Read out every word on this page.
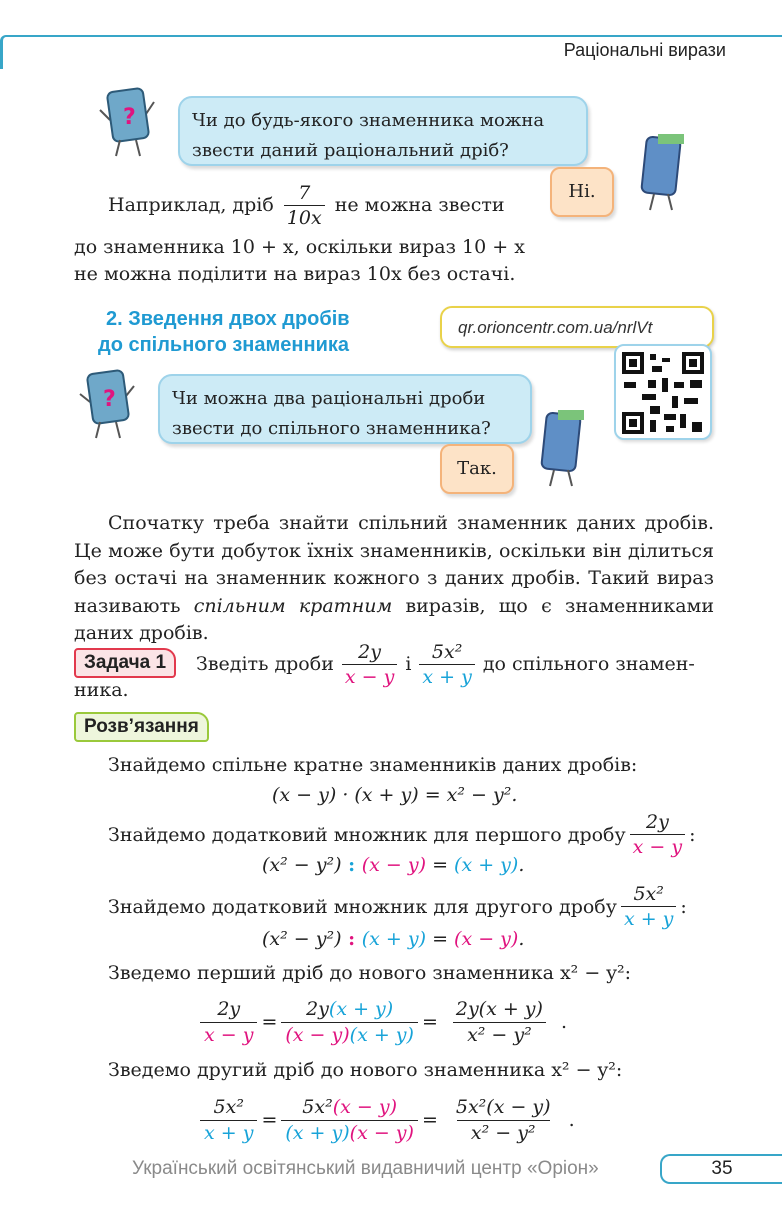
Раціональні вирази
?	Чи до будь-якого знаменника можна звести даний раціональний дріб?
Ні.
Наприклад, дріб $\frac{7}{10x}$ не можна звести
до знаменника 10 + x, оскільки вираз 10 + x
не можна поділити на вираз 10x без остачі.
2. Зведення двох дробів
до спільного знаменника
qr.orioncentr.com.ua/nrlVt
?	Чи можна два раціональні дроби звести до спільного знаменника?
Так.
Спочатку треба знайти спільний знаменник даних дробів. Це може бути добуток їхніх знаменників, оскільки він ділиться без остачі на знаменник кожного з даних дробів. Такий вираз називають спільним кратним виразів, що є знаменниками даних дробів.
Задача 1	Зведіть дроби $\frac{2y}{x - y}$ і $\frac{\text{5x²}}{x + y}$ до спільного знамен-
ника.
Розв’язання
Знайдемо спільне кратне знаменників даних дробів:
(x − y) · (x + y) = x² − y².
Знайдемо додатковий множник для першого дробу $\frac{2y}{x - y}$ :
(x² − y²) : (x − y) = (x + y).
Знайдемо додатковий множник для другого дробу $\frac{\text{5x²}}{x + y}$ :
(x² − y²) : (x + y) = (x − y).
Зведемо перший дріб до нового знаменника x² − y²:
$\frac{2y}{x - y} = \frac{2y(x + y)}{(x - y)(x + y)} = \frac{2y(x + y)}{\text{x² − y²}}$ .
Зведемо другий дріб до нового знаменника x² − y²:
$\frac{\text{5x²}}{x + y} = \frac{\text{5x²(x − y)}}{(x + y)(x - y)} = \frac{\text{5x²(x − y)}}{\text{x² − y²}}$ .
Український освітянський видавничий центр «Оріон»	35
